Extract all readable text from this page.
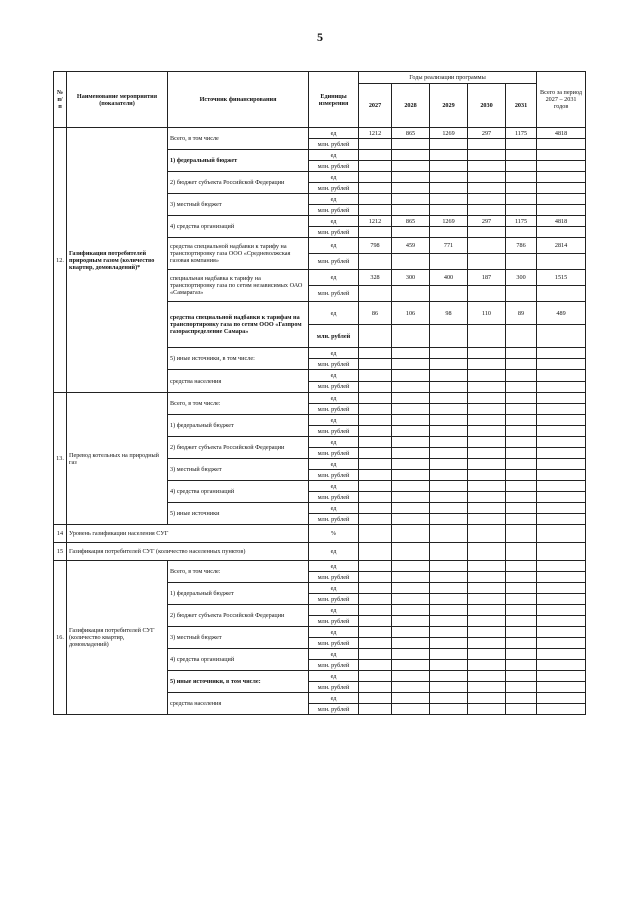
5
№ п/п	Наименование мероприятия (показатели)	Источник финансирования	Единицы измерения	Годы реализации программы					Всего за период 2027 – 2031 годов
				2027	2028	2029	2030	2031	
12.	Газификация потребителей природным газом (количество квартир, домовладений)*	Всего, в том числе	ед	1212	865	1269	297	1175	4818
			млн. рублей						
		1) федеральный бюджет	ед						
			млн. рублей						
		2) бюджет субъекта Российской Федерации	ед						
			млн. рублей						
		3) местный бюджет	ед						
			млн. рублей						
		4) средства организаций	ед	1212	865	1269	297	1175	4818
			млн. рублей						
		средства специальной надбавки к тарифу на транспортировку газа ООО «Средневолжская газовая компания»	ед	798	459	771		786	2814
			млн. рублей						
		специальная надбавка к тарифу на транспортировку газа по сетям независимых ОАО «Самарагаз»	ед	328	300	400	187	300	1515
			млн. рублей						
		средства специальной надбавки к тарифам на транспортировку газа по сетям ООО «Газпром газораспределение Самара»	ед	86	106	98	110	89	489
			млн. рублей						
		5) иные источники, в том числе:	ед						
			млн. рублей						
		средства населения	ед						
			млн. рублей						
13.	Перевод котельных на природный газ	Всего, в том числе:	ед						
			млн. рублей						
		1) федеральный бюджет	ед						
			млн. рублей						
		2) бюджет субъекта Российской Федерации	ед						
			млн. рублей						
		3) местный бюджет	ед						
			млн. рублей						
		4) средства организаций	ед						
			млн. рублей						
		5) иные источники	ед						
			млн. рублей						
14	Уровень газификации населения СУГ		%						
15	Газификация потребителей СУГ (количество населенных пунктов)		ед						
16.	Газификация потребителей СУГ (количество квартир, домовладений)	Всего, в том числе:	ед						
			млн. рублей						
		1) федеральный бюджет	ед						
			млн. рублей						
		2) бюджет субъекта Российской Федерации	ед						
			млн. рублей						
		3) местный бюджет	ед						
			млн. рублей						
		4) средства организаций	ед						
			млн. рублей						
		5) иные источники, в том числе:	ед						
			млн. рублей						
		средства населения	ед						
			млн. рублей						
